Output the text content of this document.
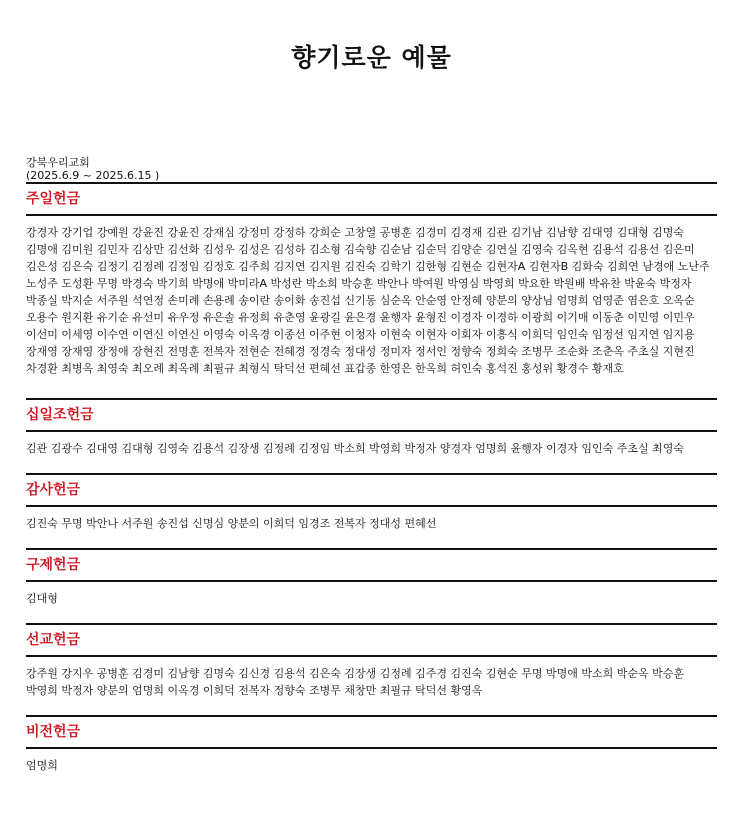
향기로운 예물
강북우리교회
(2025.6.9 ~ 2025.6.15 )
주일헌금
강경자 강기업 강예원 강윤진 강윤진 강재심 강정미 강정하 강희순 고창열 공병훈 김경미 김경재 김관 김기남 김남향 김대영 김대형 김명숙 김명애 김미원 김민자 김상만 김선화 김성우 김성은 김성하 김소형 김숙향 김순남 김순덕 김양순 김연실 김영숙 김옥현 김용석 김용선 김은미 김은성 김은숙 김정기 김정례 김정임 김정호 김주희 김지연 김지원 김진숙 김학기 김한형 김현순 김현자A 김현자B 김화숙 김희연 남경애 노난주 노성주 도성환 무명 박경숙 박기희 박명애 박미라A 박성란 박소희 박승훈 박안나 박여원 박영심 박영희 박요한 박원배 박유찬 박윤숙 박정자 박종실 박지순 서주원 석연정 손미례 손용례 송이란 송이화 송진섭 신기동 심순옥 안순영 안정혜 양분의 양상님 엄명희 엄영준 염은호 오옥순 오용수 원지환 유기순 유선미 유우정 유은솔 유정희 유춘영 윤광길 윤은경 윤행자 윤형진 이경자 이경하 이광희 이기매 이동춘 이민영 이민우 이선미 이세영 이수연 이연신 이연신 이영숙 이옥경 이종선 이주현 이청자 이현숙 이현자 이회자 이흥식 이희덕 임인숙 임정선 임지연 임지용 장재영 장재영 장정애 장현진 전명훈 전복자 전현순 전혜경 정경숙 정대성 정미자 정서인 정향숙 정희숙 조병무 조순화 조춘옥 주초실 지현진 차경환 최병옥 최영숙 최오례 최옥례 최필규 최형식 탁덕선 편혜선 표갑종 한영은 한옥희 허인숙 홍석진 홍성위 황경수 황재호
십일조헌금
김관 김광수 김대영 김대형 김영숙 김용석 김장생 김정례 김정임 박소희 박영희 박정자 양경자 엄명희 윤행자 이경자 임인숙 주초실 최영숙
감사헌금
김진숙 무명 박안나 서주원 송진섭 신명심 양분의 이희덕 임경조 전복자 정대성 편혜선
구제헌금
김대형
선교헌금
강주원 강지우 공병훈 김경미 김남향 김명숙 김신경 김용석 김은숙 김장생 김정례 김주경 김진숙 김현순 무명 박명애 박소희 박순옥 박승훈 박영희 박정자 양분의 엄명희 이옥경 이희덕 전복자 정향숙 조병무 채창만 최필규 탁덕선 황영옥
비전헌금
엄명희
